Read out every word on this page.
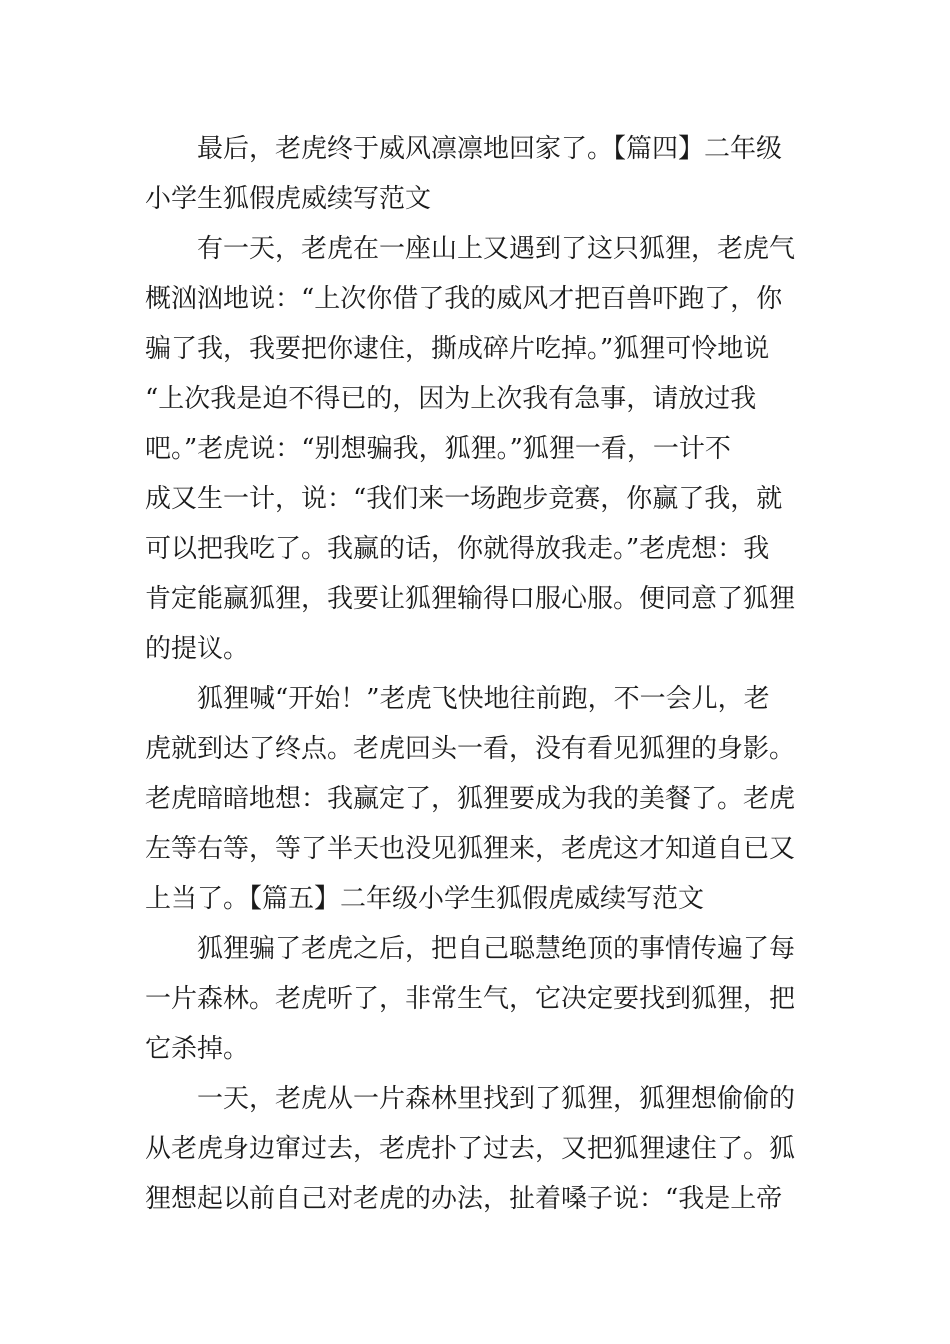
最后，老虎终于威风凛凛地回家了。【篇四】二年级
小学生狐假虎威续写范文
有一天，老虎在一座山上又遇到了这只狐狸，老虎气
概汹汹地说：“上次你借了我的威风才把百兽吓跑了，你
骗了我，我要把你逮住，撕成碎片吃掉。”狐狸可怜地说
“上次我是迫不得已的，因为上次我有急事，请放过我
吧。”老虎说：“别想骗我，狐狸。”狐狸一看，一计不
成又生一计，说：“我们来一场跑步竞赛，你赢了我，就
可以把我吃了。我赢的话，你就得放我走。”老虎想：我
肯定能赢狐狸，我要让狐狸输得口服心服。便同意了狐狸
的提议。
狐狸喊“开始！”老虎飞快地往前跑，不一会儿，老
虎就到达了终点。老虎回头一看，没有看见狐狸的身影。
老虎暗暗地想：我赢定了，狐狸要成为我的美餐了。老虎
左等右等，等了半天也没见狐狸来，老虎这才知道自已又
上当了。【篇五】二年级小学生狐假虎威续写范文
狐狸骗了老虎之后，把自己聪慧绝顶的事情传遍了每
一片森林。老虎听了，非常生气，它决定要找到狐狸，把
它杀掉。
一天，老虎从一片森林里找到了狐狸，狐狸想偷偷的
从老虎身边窜过去，老虎扑了过去，又把狐狸逮住了。狐
狸想起以前自己对老虎的办法，扯着嗓子说：“我是上帝
